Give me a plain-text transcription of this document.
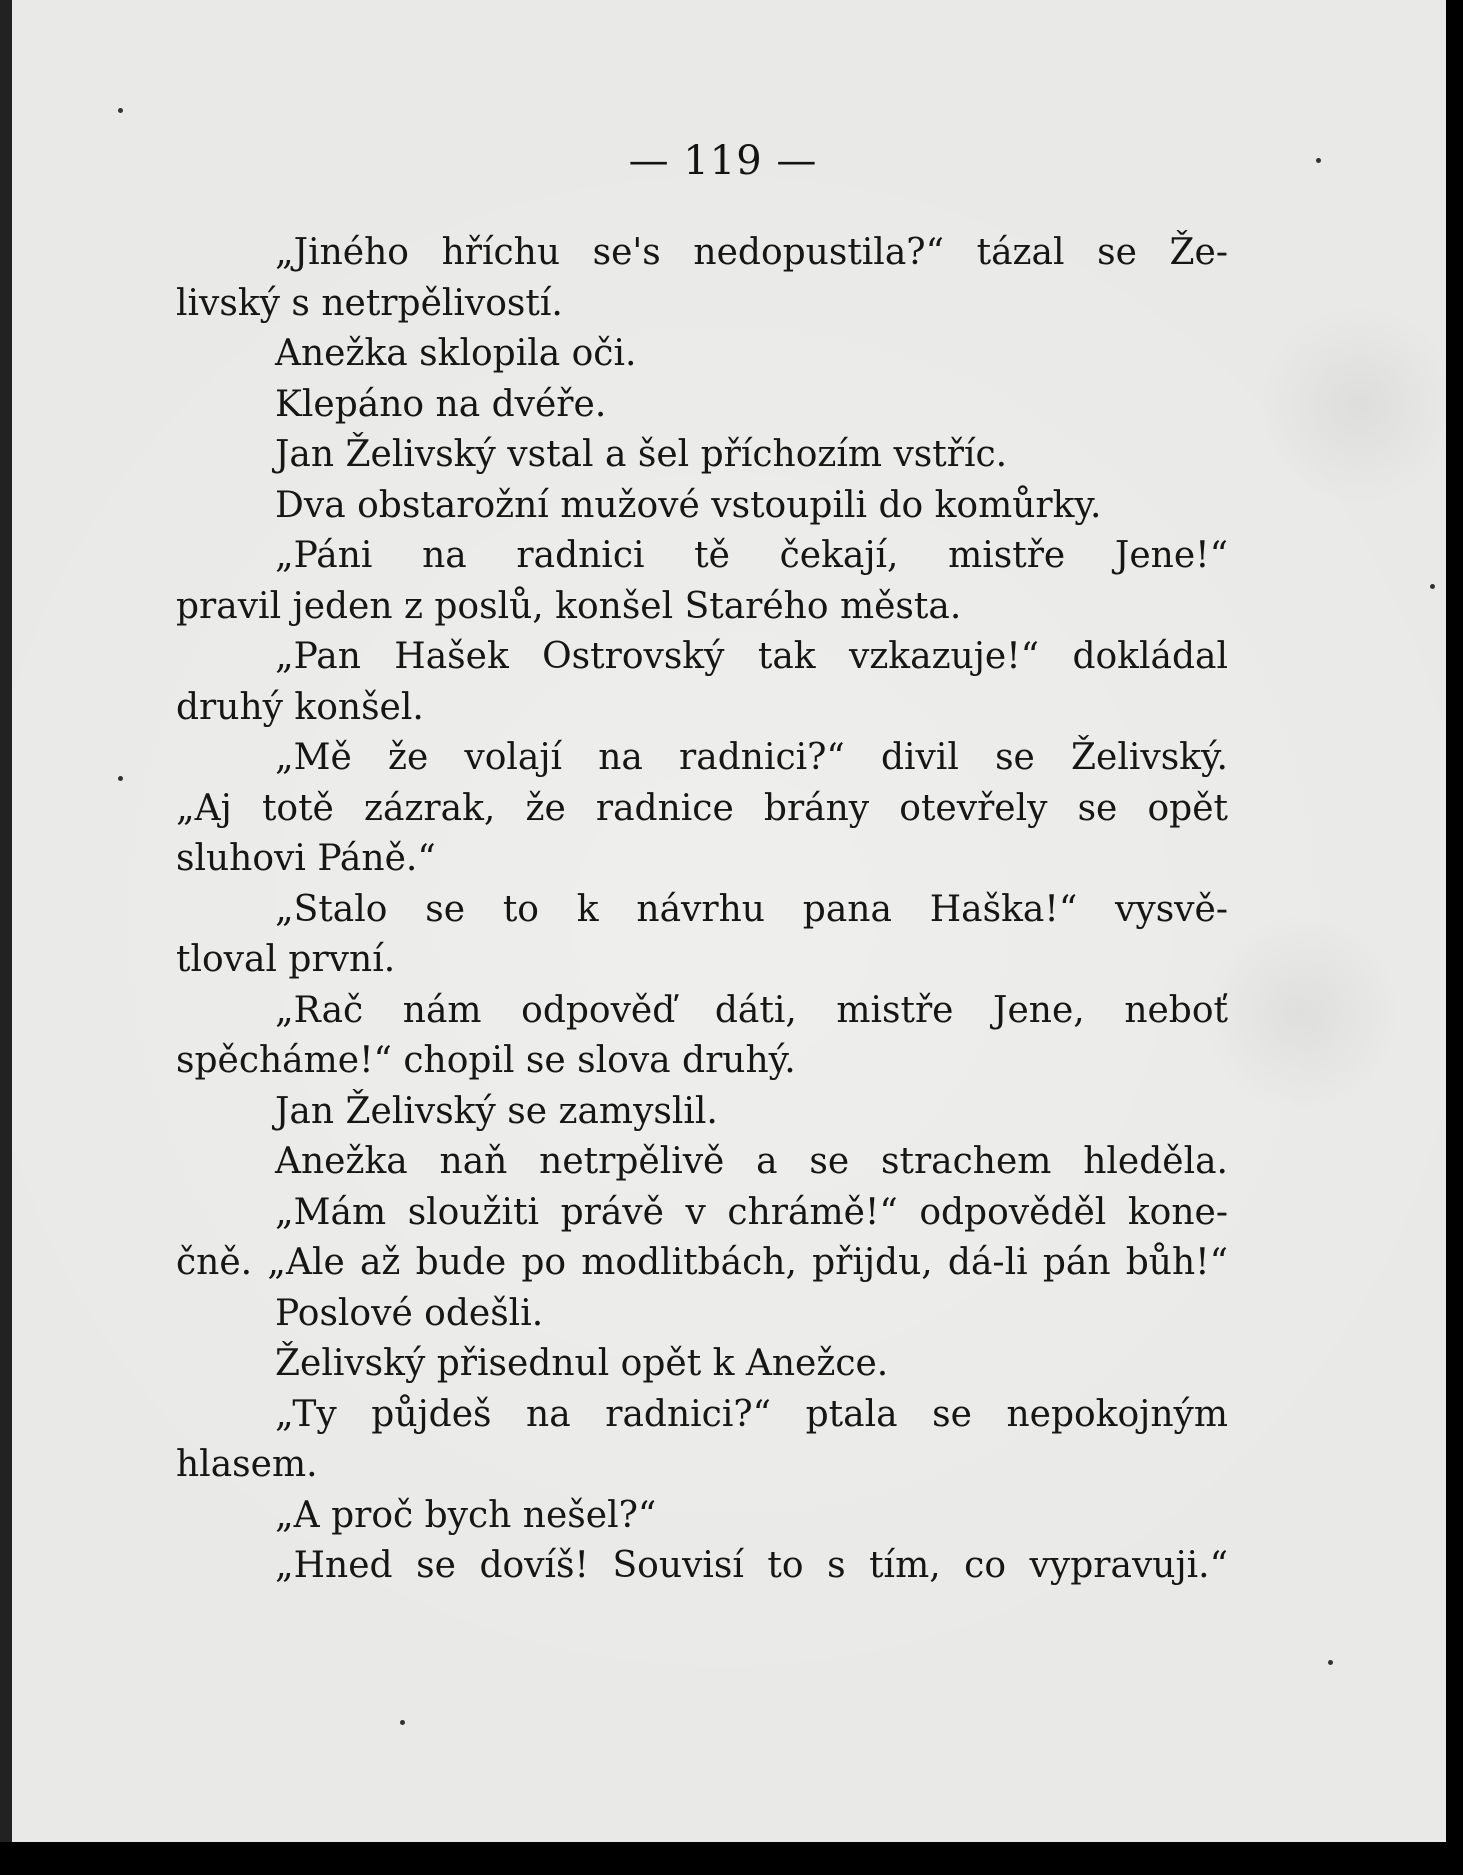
— 119 —
„Jiného hříchu se's nedopustila?“ tázal se Že-
livský s netrpělivostí.
Anežka sklopila oči.
Klepáno na dvéře.
Jan Želivský vstal a šel příchozím vstříc.
Dva obstarožní mužové vstoupili do komůrky.
„Páni na radnici tě čekají, mistře Jene!“
pravil jeden z poslů, konšel Starého města.
„Pan Hašek Ostrovský tak vzkazuje!“ dokládal
druhý konšel.
„Mě že volají na radnici?“ divil se Želivský.
„Aj totě zázrak, že radnice brány otevřely se opět
sluhovi Páně.“
„Stalo se to k návrhu pana Haška!“ vysvě-
tloval první.
„Rač nám odpověď dáti, mistře Jene, neboť
spěcháme!“ chopil se slova druhý.
Jan Želivský se zamyslil.
Anežka naň netrpělivě a se strachem hleděla.
„Mám sloužiti právě v chrámě!“ odpověděl kone-
čně. „Ale až bude po modlitbách, přijdu, dá-li pán bůh!“
Poslové odešli.
Želivský přisednul opět k Anežce.
„Ty půjdeš na radnici?“ ptala se nepokojným
hlasem.
„A proč bych nešel?“
„Hned se dovíš! Souvisí to s tím, co vypravuji.“
